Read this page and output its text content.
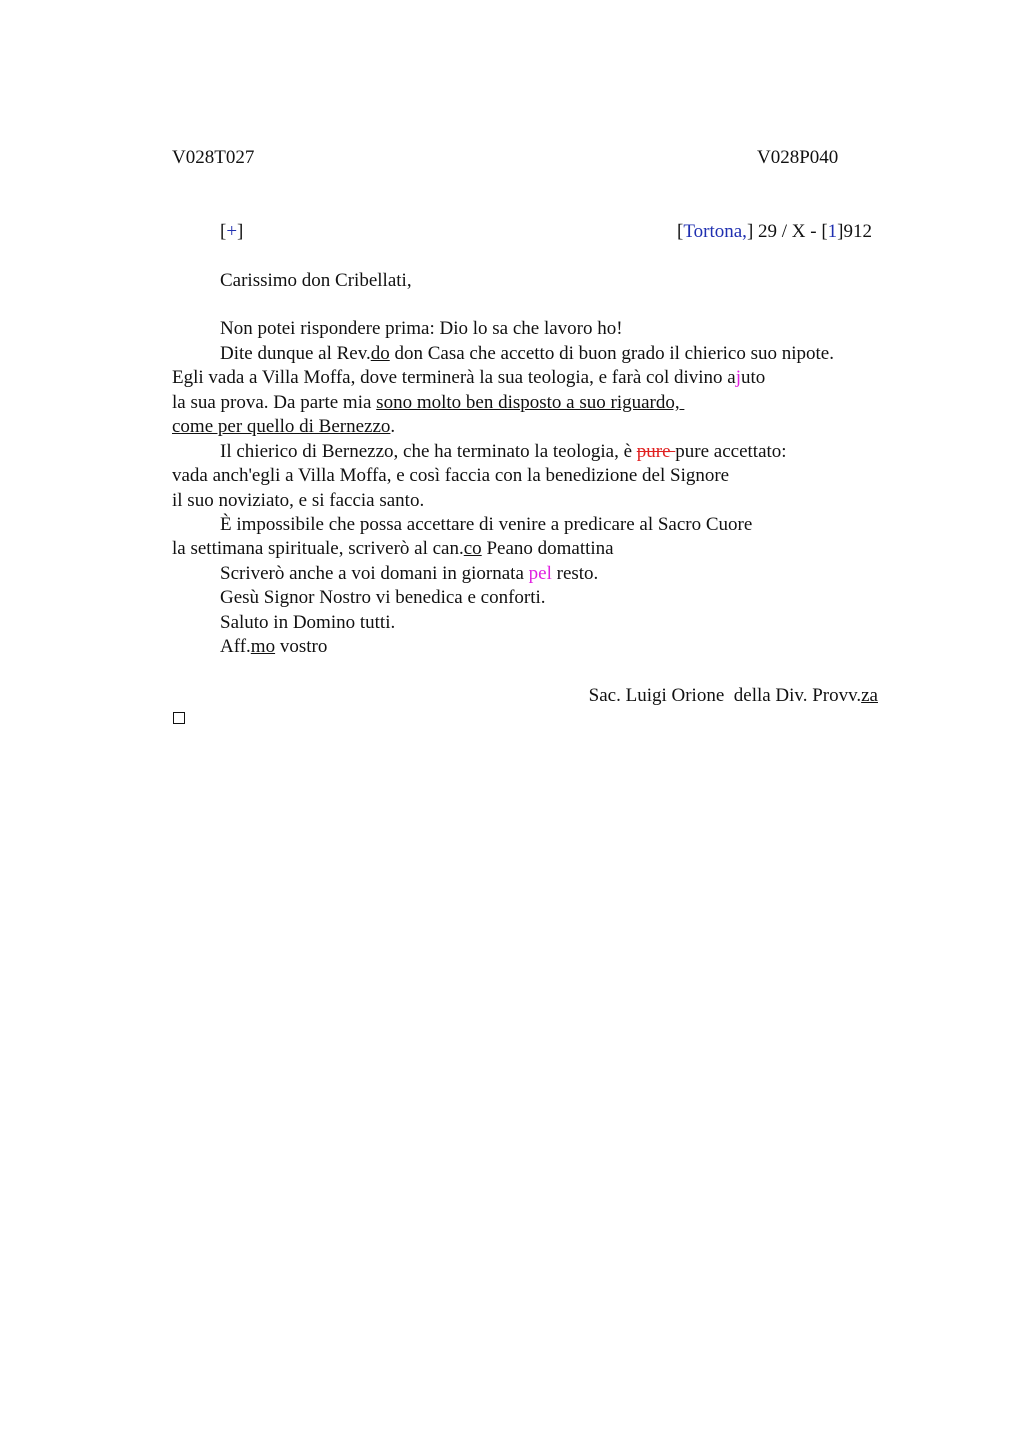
V028T027	V028P040
[+]	[Tortona,] 29 / X - [1]912
Carissimo don Cribellati,
Non potei rispondere prima: Dio lo sa che lavoro ho!
Dite dunque al Rev.do don Casa che accetto di buon grado il chierico suo nipote.
Egli vada a Villa Moffa, dove terminerà la sua teologia, e farà col divino ajuto
la sua prova. Da parte mia sono molto ben disposto a suo riguardo,
come per quello di Bernezzo.
Il chierico di Bernezzo, che ha terminato la teologia, è pure pure accettato:
vada anch'egli a Villa Moffa, e così faccia con la benedizione del Signore
il suo noviziato, e si faccia santo.
È impossibile che possa accettare di venire a predicare al Sacro Cuore
la settimana spirituale, scriverò al can.co Peano domattina
Scriverò anche a voi domani in giornata pel resto.
Gesù Signor Nostro vi benedica e conforti.
Saluto in Domino tutti.
Aff.mo vostro
Sac. Luigi Orione  della Div. Provv.za
